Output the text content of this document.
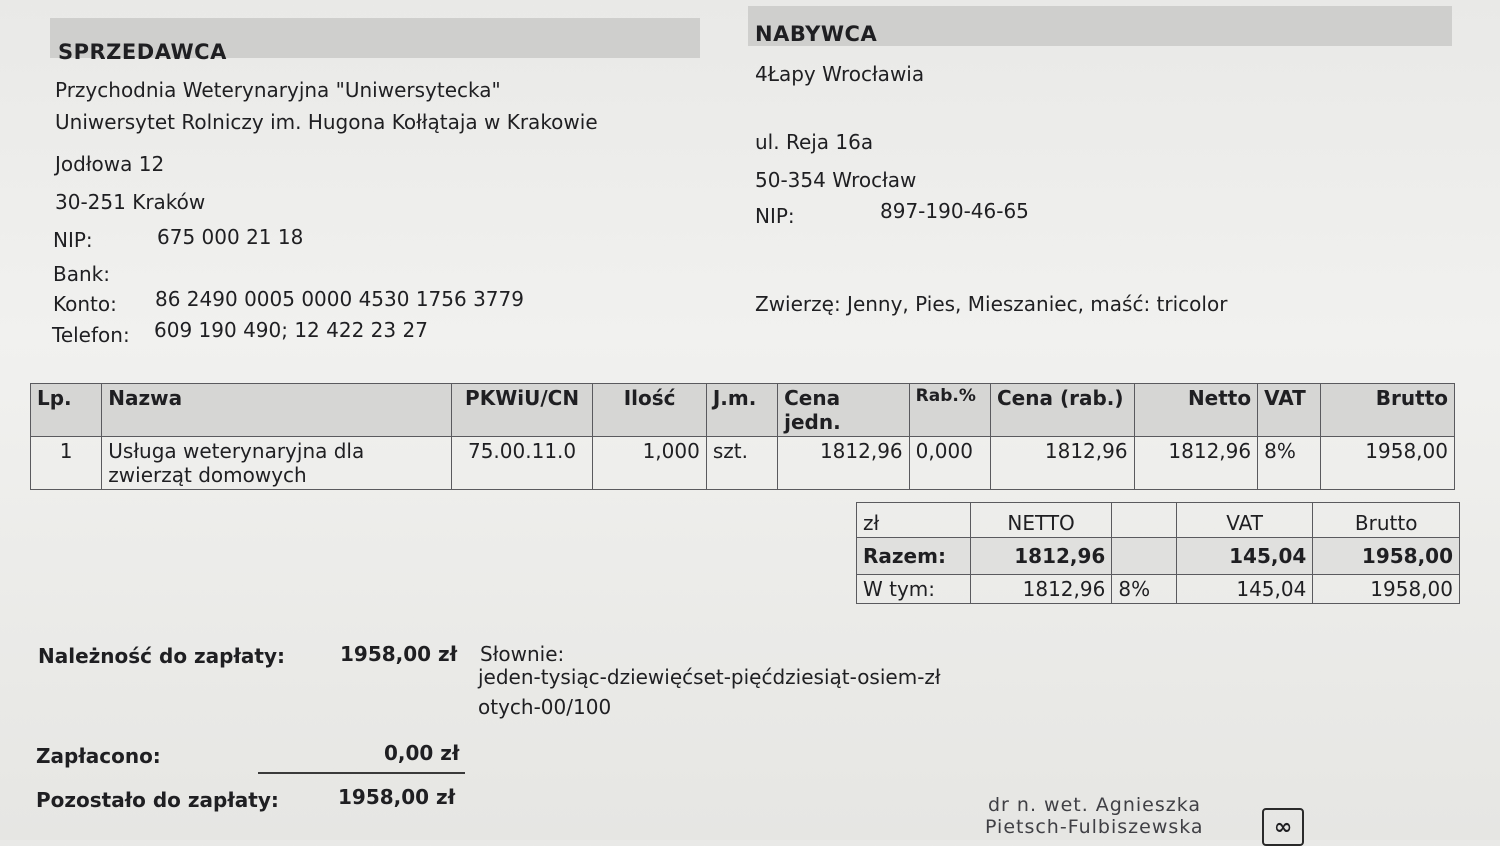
SPRZEDAWCA
Przychodnia Weterynaryjna "Uniwersytecka"
Uniwersytet Rolniczy im. Hugona Kołłątaja w Krakowie
Jodłowa 12
30-251 Kraków
NIP:	675 000 21 18
Bank:
Konto: 86 2490 0005 0000 4530 1756 3779
Telefon: 609 190 490; 12 422 23 27
NABYWCA
4Łapy Wrocławia
ul. Reja 16a
50-354 Wrocław
NIP:	897-190-46-65
Zwierzę: Jenny, Pies, Mieszaniec, maść: tricolor
Lp.	Nazwa	PKWiU/CN	Ilość	J.m.	Cena jedn.	Rab.%	Cena (rab.)	Netto	VAT	Brutto
1	Usługa weterynaryjna dla
zwierząt domowych	75.00.11.0	1,000	szt.	1812,96	0,000	1812,96	1812,96	8%	1958,00
zł	NETTO		VAT	Brutto
Razem:	1812,96		145,04	1958,00
W tym:	1812,96	8%	145,04	1958,00
Należność do zapłaty:	1958,00 zł Słownie:
jeden-tysiąc-dziewięćset-pięćdziesiąt-osiem-zł
otych-00/100
Zapłacono:	0,00 zł
Pozostało do zapłaty:	1958,00 zł	dr n. wet. Agnieszka
Pietsch-Fulbiszewska	∞
